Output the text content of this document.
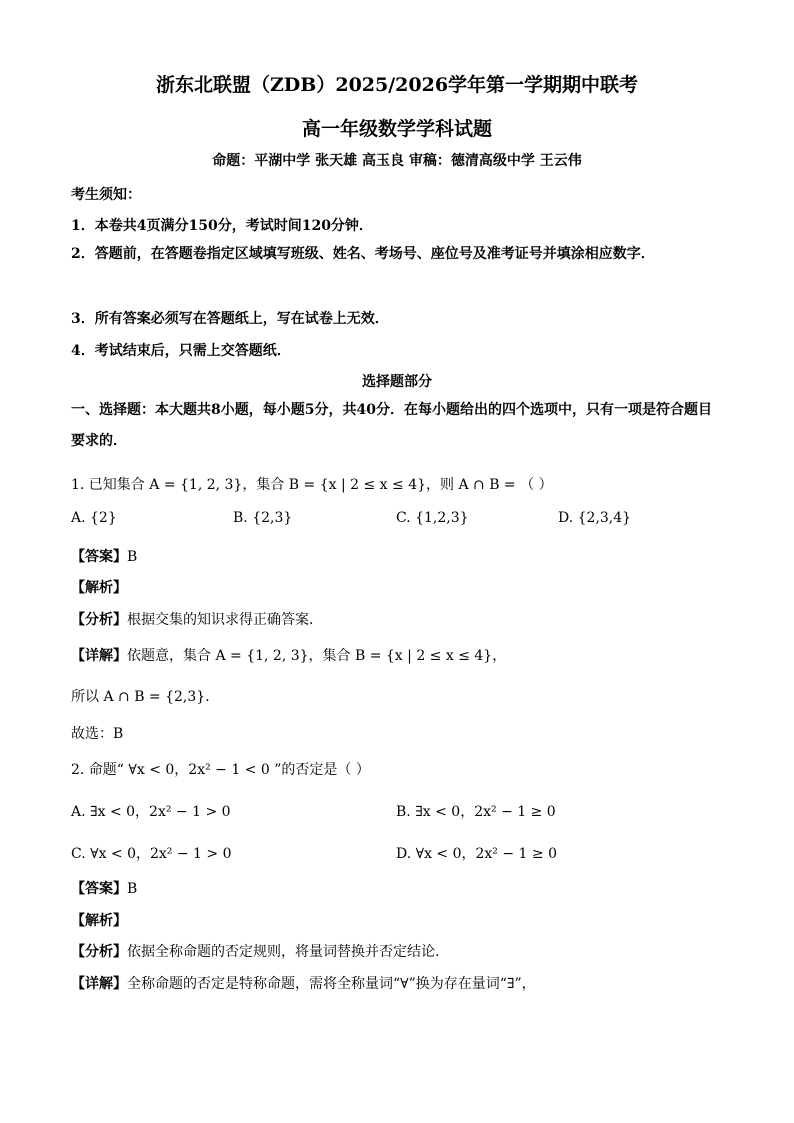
浙东北联盟（ZDB）2025/2026学年第一学期期中联考
高一年级数学学科试题
命题：平湖中学 张天雄 高玉良 审稿：德清高级中学 王云伟
考生须知：
1．本卷共4页满分150分，考试时间120分钟．
2．答题前，在答题卷指定区域填写班级、姓名、考场号、座位号及准考证号并填涂相应数字．
3．所有答案必须写在答题纸上，写在试卷上无效．
4．考试结束后，只需上交答题纸．
选择题部分
一、选择题：本大题共8小题，每小题5分，共40分．在每小题给出的四个选项中，只有一项是符合题目要求的．
1. 已知集合 A = {1, 2, 3}，集合 B = {x | 2 ≤ x ≤ 4}，则 A ∩ B = （ ）
A. {2}	B. {2,3}	C. {1,2,3}	D. {2,3,4}
【答案】B
【解析】
【分析】根据交集的知识求得正确答案.
【详解】依题意，集合 A = {1, 2, 3}，集合 B = {x | 2 ≤ x ≤ 4}，
所以 A ∩ B = {2,3}．
故选：B
2. 命题“ ∀x < 0，2x² − 1 < 0 ”的否定是（ ）
A. ∃x < 0，2x² − 1 > 0	B. ∃x < 0，2x² − 1 ≥ 0
C. ∀x < 0，2x² − 1 > 0	D. ∀x < 0，2x² − 1 ≥ 0
【答案】B
【解析】
【分析】依据全称命题的否定规则，将量词替换并否定结论.
【详解】全称命题的否定是特称命题，需将全称量词“∀”换为存在量词“∃”，
